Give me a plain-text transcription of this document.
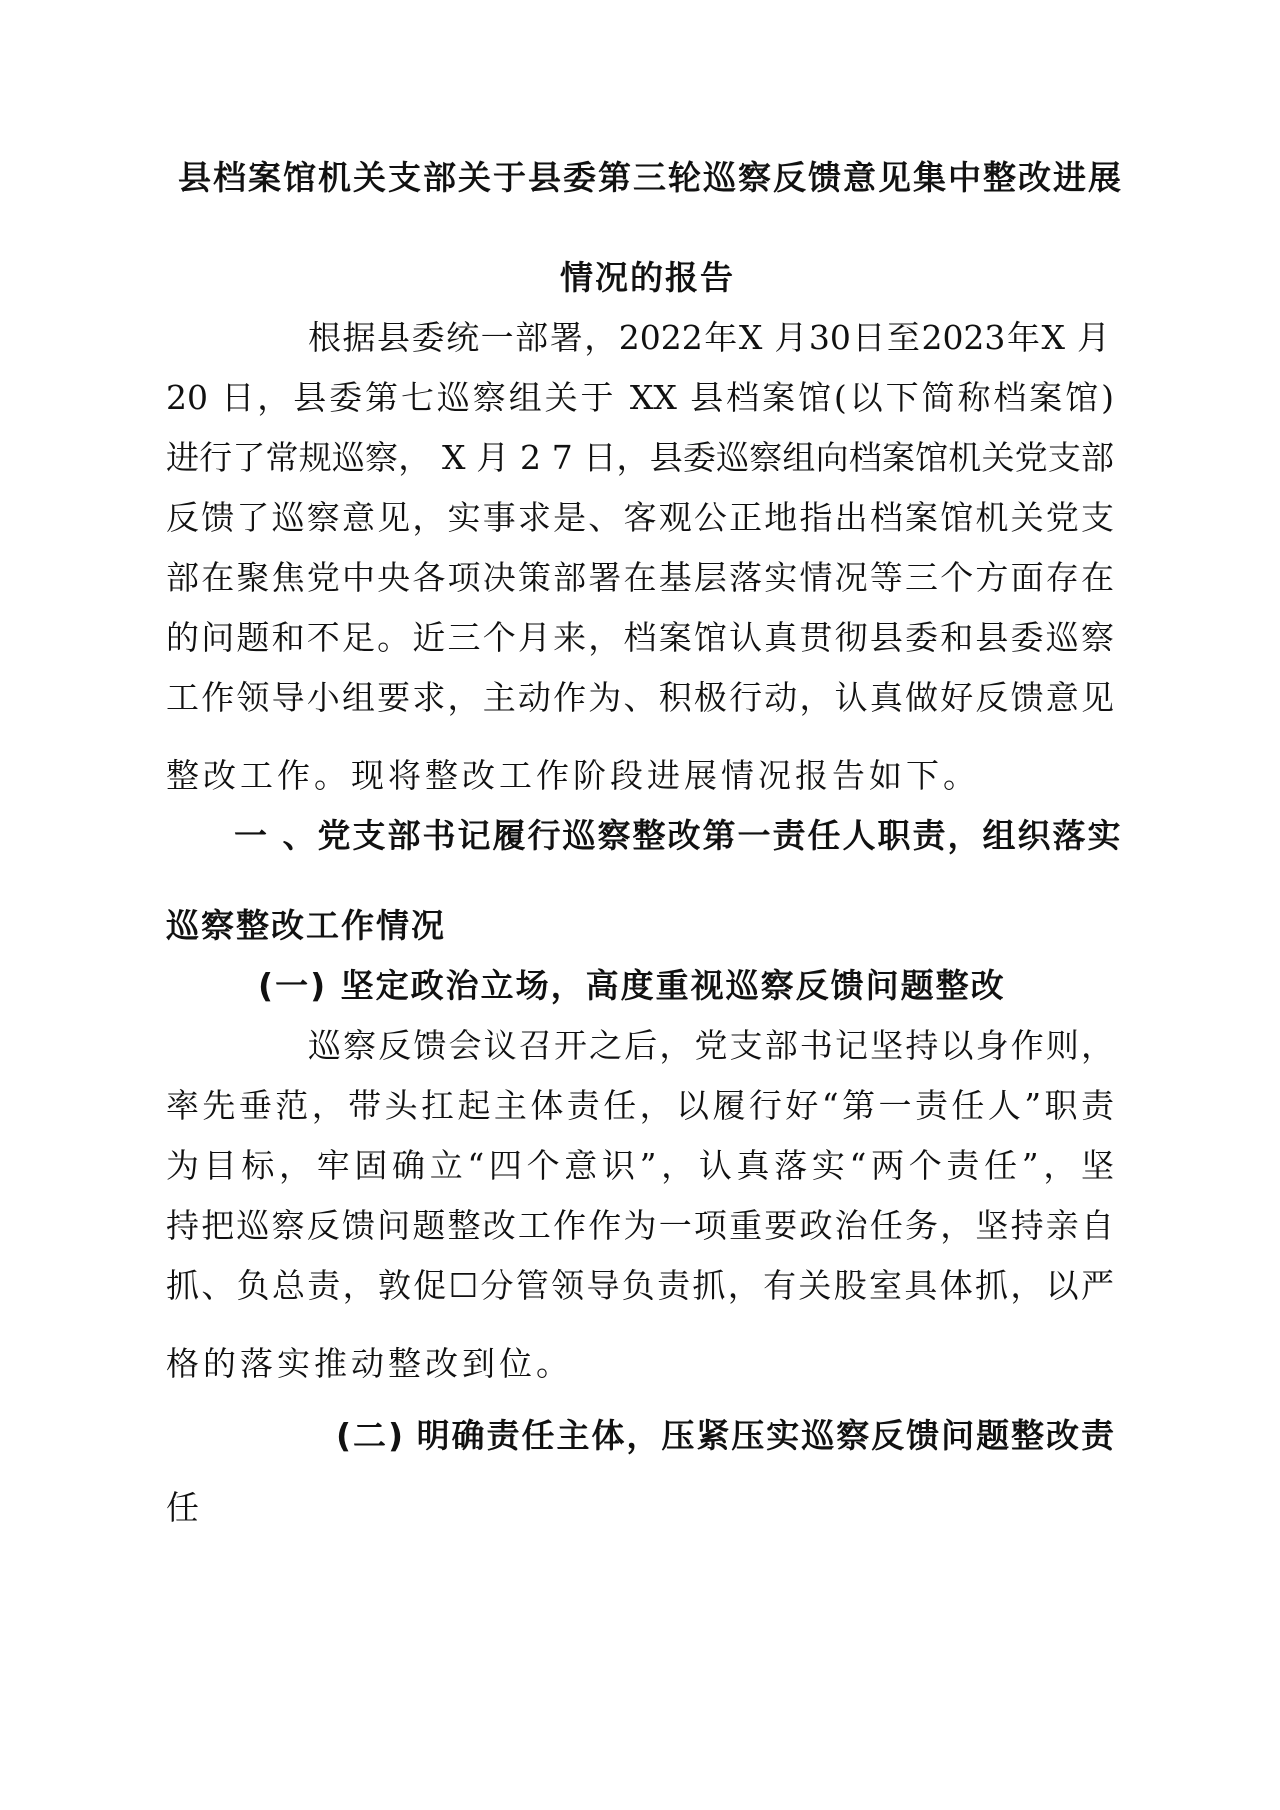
县档案馆机关支部关于县委第三轮巡察反馈意见集中整改进展
情况的报告
根据县委统一部署，2022年X 月30日至2023年X 月
20 日，县委第七巡察组关于 XX 县档案馆(以下简称档案馆)
进行了常规巡察， X 月 2 7 日，县委巡察组向档案馆机关党支部
反馈了巡察意见，实事求是、客观公正地指出档案馆机关党支
部在聚焦党中央各项决策部署在基层落实情况等三个方面存在
的问题和不足。近三个月来，档案馆认真贯彻县委和县委巡察
工作领导小组要求，主动作为、积极行动，认真做好反馈意见
整改工作。现将整改工作阶段进展情况报告如下。
一 、党支部书记履行巡察整改第一责任人职责，组织落实
巡察整改工作情况
(一) 坚定政治立场，高度重视巡察反馈问题整改
巡察反馈会议召开之后，党支部书记坚持以身作则，
率先垂范，带头扛起主体责任，以履行好“第一责任人”职责
为目标，牢固确立“四个意识”，认真落实“两个责任”，坚
持把巡察反馈问题整改工作作为一项重要政治任务，坚持亲自
抓、负总责，敦促☐分管领导负责抓，有关股室具体抓，以严
格的落实推动整改到位。
(二) 明确责任主体，压紧压实巡察反馈问题整改责
任
